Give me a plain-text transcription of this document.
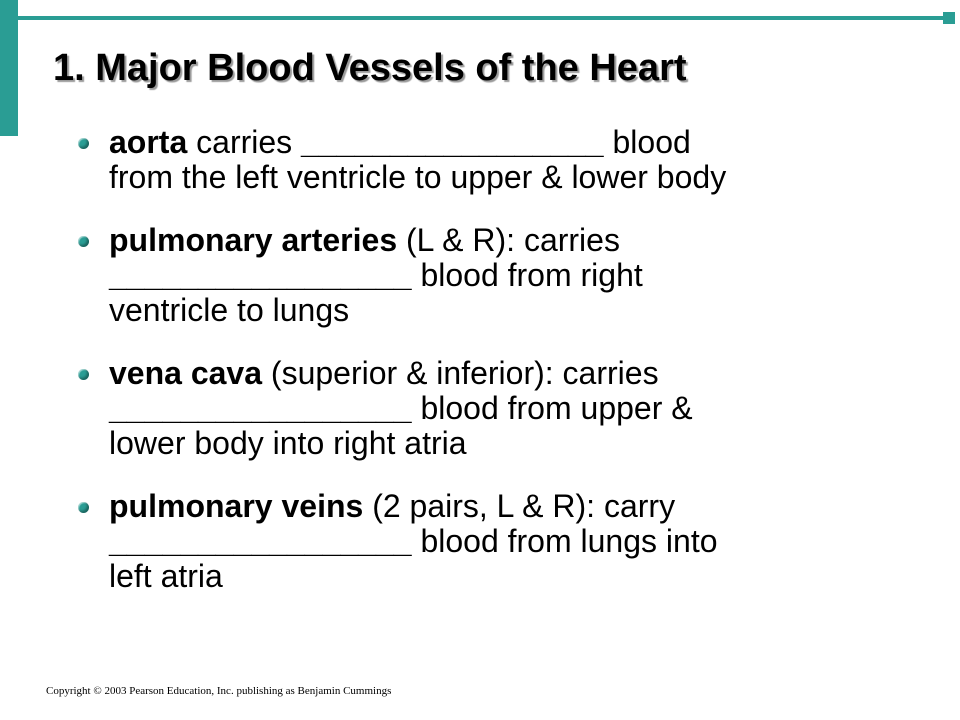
1. Major Blood Vessels of the Heart
aorta carries _________________ blood
from the left ventricle to upper & lower body
pulmonary arteries (L & R): carries
_________________ blood from right
ventricle to lungs
vena cava (superior & inferior): carries
_________________ blood from upper &
lower body into right atria
pulmonary veins (2 pairs, L & R): carry
_________________ blood from lungs into
left atria
Copyright © 2003 Pearson Education, Inc. publishing as Benjamin Cummings
